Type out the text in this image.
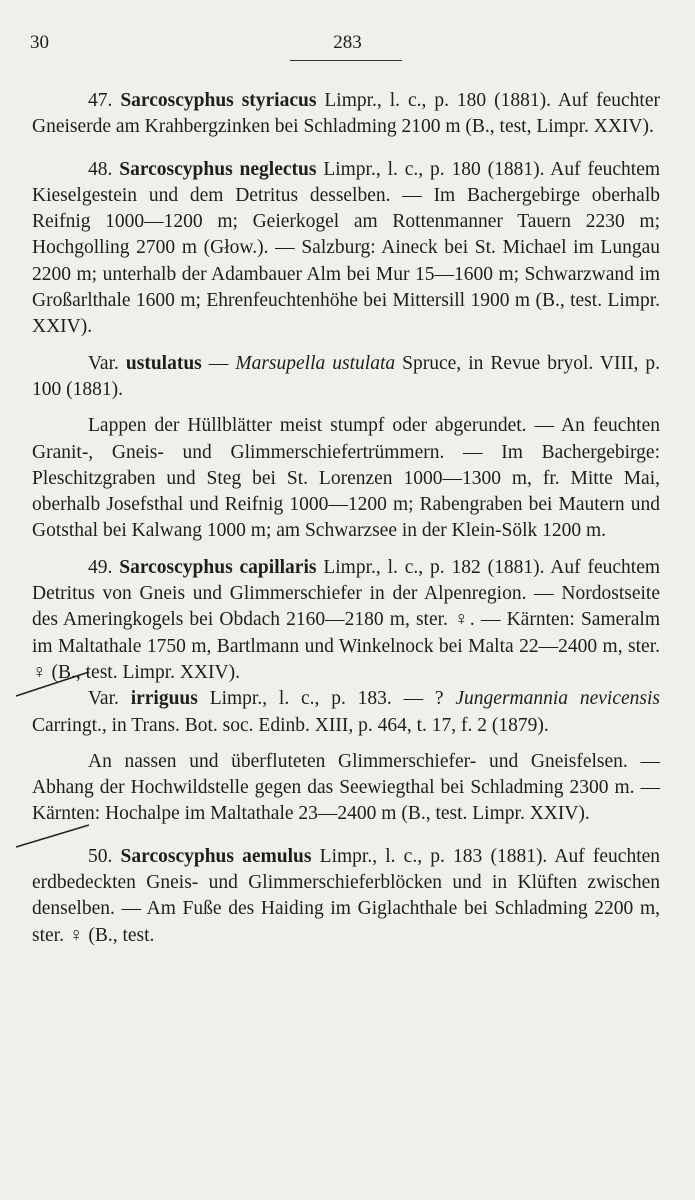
30	283

47. Sarcoscyphus styriacus Limpr., l. c., p. 180 (1881). Auf feuchter Gneiserde am Krahbergzinken bei Schladming 2100 m (B., test, Limpr. XXIV).

48. Sarcoscyphus neglectus Limpr., l. c., p. 180 (1881). Auf feuchtem Kieselgestein und dem Detritus desselben. — Im Bachergebirge oberhalb Reifnig 1000—1200 m; Geierkogel am Rottenmanner Tauern 2230 m; Hochgolling 2700 m (Głow.). — Salzburg: Aineck bei St. Michael im Lungau 2200 m; unterhalb der Adambauer Alm bei Mur 15—1600 m; Schwarzwand im Großarlthale 1600 m; Ehrenfeuchtenhöhe bei Mittersill 1900 m (B., test. Limpr. XXIV).

Var. ustulatus — Marsupella ustulata Spruce, in Revue bryol. VIII, p. 100 (1881).

Lappen der Hüllblätter meist stumpf oder abgerundet. — An feuchten Granit-, Gneis- und Glimmerschiefertrümmern. — Im Bachergebirge: Pleschitzgraben und Steg bei St. Lorenzen 1000—1300 m, fr. Mitte Mai, oberhalb Josefsthal und Reifnig 1000—1200 m; Rabengraben bei Mautern und Gotsthal bei Kalwang 1000 m; am Schwarzsee in der Klein-Sölk 1200 m.

49. Sarcoscyphus capillaris Limpr., l. c., p. 182 (1881). Auf feuchtem Detritus von Gneis und Glimmerschiefer in der Alpenregion. — Nordostseite des Ameringkogels bei Obdach 2160—2180 m, ster. ♀. — Kärnten: Sameralm im Maltathale 1750 m, Bartlmann und Winkelnock bei Malta 22—2400 m, ster. ♀ (B., test. Limpr. XXIV).

Var. irriguus Limpr., l. c., p. 183. — ? Jungermannia nevicensis Carringt., in Trans. Bot. soc. Edinb. XIII, p. 464, t. 17, f. 2 (1879).

An nassen und überfluteten Glimmerschiefer- und Gneisfelsen. — Abhang der Hochwildstelle gegen das Seewiegthal bei Schladming 2300 m. — Kärnten: Hochalpe im Maltathale 23—2400 m (B., test. Limpr. XXIV).

50. Sarcoscyphus aemulus Limpr., l. c., p. 183 (1881). Auf feuchten erdbedeckten Gneis- und Glimmerschieferblöcken und in Klüften zwischen denselben. — Am Fuße des Haiding im Giglachthale bei Schladming 2200 m, ster. ♀ (B., test.
